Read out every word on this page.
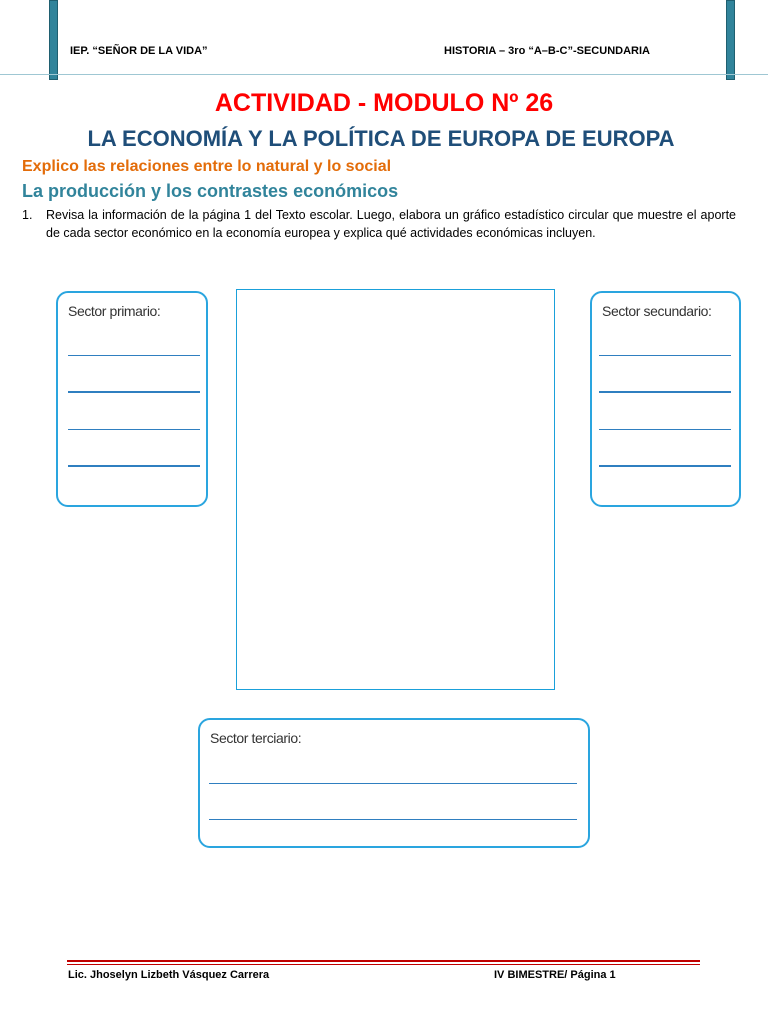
IEP. “SEÑOR DE LA VIDA”	HISTORIA – 3ro “A–B-C”-SECUNDARIA
ACTIVIDAD - MODULO Nº 26
LA ECONOMÍA Y LA POLÍTICA DE EUROPA DE EUROPA
Explico las relaciones entre lo natural y lo social
La producción y los contrastes económicos
1.	Revisa la información de la página 1 del Texto escolar. Luego, elabora un gráfico estadístico circular que muestre el aporte de cada sector económico en la economía europea y explica qué actividades económicas incluyen.
Sector primario:	Sector secundario:
Sector terciario:
Lic. Jhoselyn Lizbeth Vásquez Carrera	IV BIMESTRE/ Página 1
